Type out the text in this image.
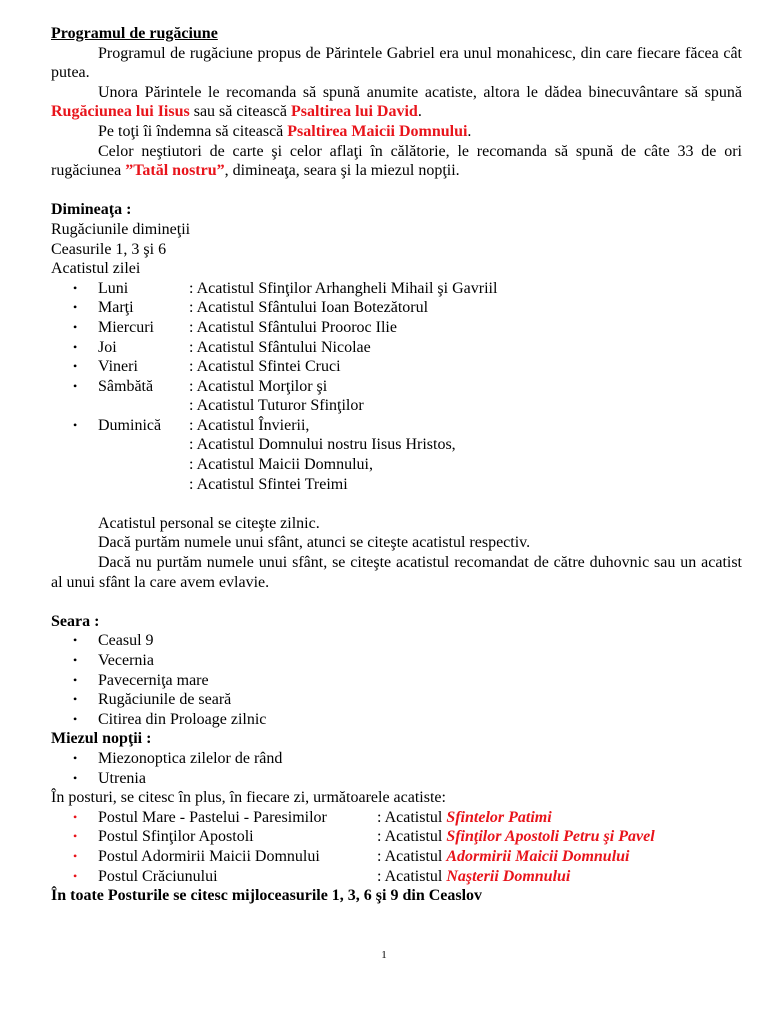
Programul de rugăciune

Programul de rugăciune propus de Părintele Gabriel era unul monahicesc, din care fiecare făcea cât putea.

Unora Părintele le recomanda să spună anumite acatiste, altora le dădea binecuvântare să spună Rugăciunea lui Iisus sau să citească Psaltirea lui David.

Pe toţi îi îndemna să citească Psaltirea Maicii Domnului.

Celor neştiutori de carte şi celor aflaţi în călătorie, le recomanda să spună de câte 33 de ori rugăciunea ”Tatăl nostru”, dimineaţa, seara şi la miezul nopţii.

Dimineaţa :

Rugăciunile dimineţii

Ceasurile 1, 3 şi 6

Acatistul zilei

• Luni	: Acatistul Sfinţilor Arhangheli Mihail şi Gavriil
• Marţi	: Acatistul Sfântului Ioan Botezătorul
• Miercuri : Acatistul Sfântului Prooroc Ilie
• Joi	: Acatistul Sfântului Nicolae
• Vineri	: Acatistul Sfintei Cruci
• Sâmbătă : Acatistul Morţilor şi
: Acatistul Tuturor Sfinţilor
• Duminică : Acatistul Învierii,
: Acatistul Domnului nostru Iisus Hristos,
: Acatistul Maicii Domnului,
: Acatistul Sfintei Treimi

Acatistul personal se citeşte zilnic.

Dacă purtăm numele unui sfânt, atunci se citeşte acatistul respectiv.

Dacă nu purtăm numele unui sfânt, se citeşte acatistul recomandat de către duhovnic sau un acatist al unui sfânt la care avem evlavie.

Seara :

• Ceasul 9
• Vecernia
• Pavecerniţa mare
• Rugăciunile de seară
• Citirea din Proloage zilnic

Miezul nopţii :

• Miezonoptica zilelor de rând
• Utrenia

În posturi, se citesc în plus, în fiecare zi, următoarele acatiste:

• Postul Mare - Pastelui - Paresimilor	: Acatistul Sfintelor Patimi
• Postul Sfinţilor Apostoli	: Acatistul Sfinţilor Apostoli Petru şi Pavel
• Postul Adormirii Maicii Domnului	: Acatistul Adormirii Maicii Domnului
• Postul Crăciunului	: Acatistul Naşterii Domnului

În toate Posturile se citesc mijloceasurile 1, 3, 6 şi 9 din Ceaslov

1
